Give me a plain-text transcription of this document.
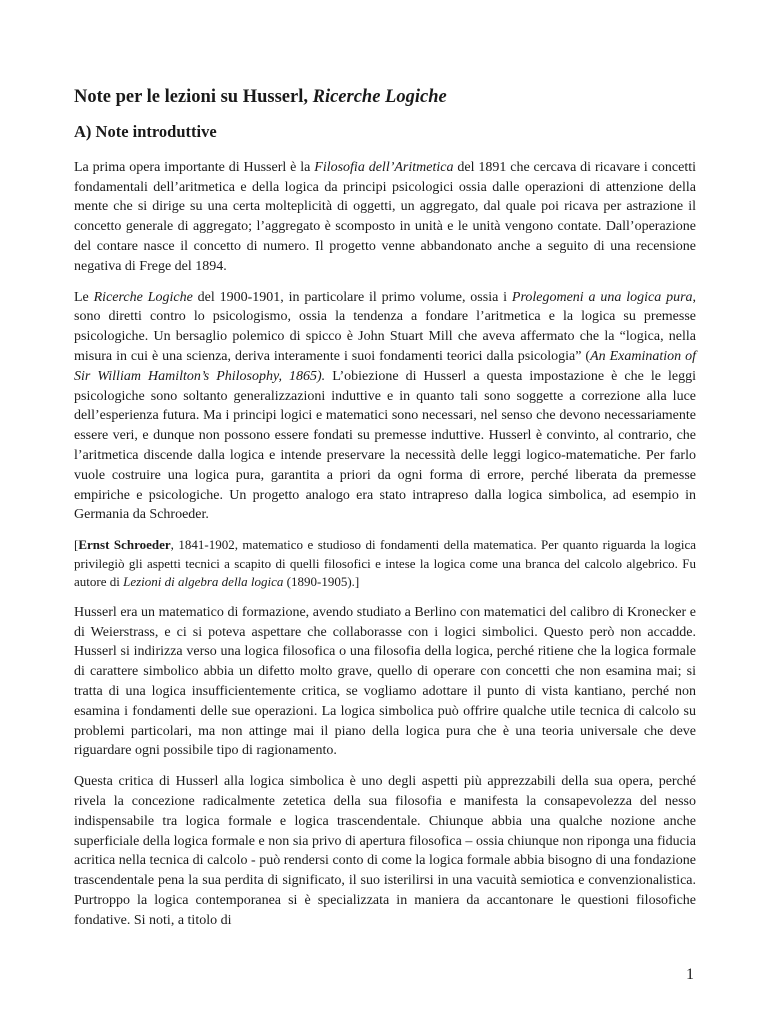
Note per le lezioni su Husserl, Ricerche Logiche
A) Note introduttive

La prima opera importante di Husserl è la Filosofia dell’Aritmetica del 1891 che cercava di ricavare i concetti fondamentali dell’aritmetica e della logica da principi psicologici ossia dalle operazioni di attenzione della mente che si dirige su una certa molteplicità di oggetti, un aggregato, dal quale poi ricava per astrazione il concetto generale di aggregato; l’aggregato è scomposto in unità e le unità vengono contate. Dall’operazione del contare nasce il concetto di numero. Il progetto venne abbandonato anche a seguito di una recensione negativa di Frege del 1894.

Le Ricerche Logiche del 1900-1901, in particolare il primo volume, ossia i Prolegomeni a una logica pura, sono diretti contro lo psicologismo, ossia la tendenza a fondare l’aritmetica e la logica su premesse psicologiche. Un bersaglio polemico di spicco è John Stuart Mill che aveva affermato che la “logica, nella misura in cui è una scienza, deriva interamente i suoi fondamenti teorici dalla psicologia” (An Examination of Sir William Hamilton’s Philosophy, 1865). L’obiezione di Husserl a questa impostazione è che le leggi psicologiche sono soltanto generalizzazioni induttive e in quanto tali sono soggette a correzione alla luce dell’esperienza futura. Ma i principi logici e matematici sono necessari, nel senso che devono necessariamente essere veri, e dunque non possono essere fondati su premesse induttive. Husserl è convinto, al contrario, che l’aritmetica discende dalla logica e intende preservare la necessità delle leggi logico-matematiche. Per farlo vuole costruire una logica pura, garantita a priori da ogni forma di errore, perché liberata da premesse empiriche e psicologiche. Un progetto analogo era stato intrapreso dalla logica simbolica, ad esempio in Germania da Schroeder.

[Ernst Schroeder, 1841-1902, matematico e studioso di fondamenti della matematica. Per quanto riguarda la logica privilegiò gli aspetti tecnici a scapito di quelli filosofici e intese la logica come una branca del calcolo algebrico. Fu autore di Lezioni di algebra della logica (1890-1905).]

Husserl era un matematico di formazione, avendo studiato a Berlino con matematici del calibro di Kronecker e di Weierstrass, e ci si poteva aspettare che collaborasse con i logici simbolici. Questo però non accadde. Husserl si indirizza verso una logica filosofica o una filosofia della logica, perché ritiene che la logica formale di carattere simbolico abbia un difetto molto grave, quello di operare con concetti che non esamina mai; si tratta di una logica insufficientemente critica, se vogliamo adottare il punto di vista kantiano, perché non esamina i fondamenti delle sue operazioni. La logica simbolica può offrire qualche utile tecnica di calcolo su problemi particolari, ma non attinge mai il piano della logica pura che è una teoria universale che deve riguardare ogni possibile tipo di ragionamento.

Questa critica di Husserl alla logica simbolica è uno degli aspetti più apprezzabili della sua opera, perché rivela la concezione radicalmente zetetica della sua filosofia e manifesta la consapevolezza del nesso indispensabile tra logica formale e logica trascendentale. Chiunque abbia una qualche nozione anche superficiale della logica formale e non sia privo di apertura filosofica – ossia chiunque non riponga una fiducia acritica nella tecnica di calcolo - può rendersi conto di come la logica formale abbia bisogno di una fondazione trascendentale pena la sua perdita di significato, il suo isterilirsi in una vacuità semiotica e convenzionalistica. Purtroppo la logica contemporanea si è specializzata in maniera da accantonare le questioni filosofiche fondative. Si noti, a titolo di

1
